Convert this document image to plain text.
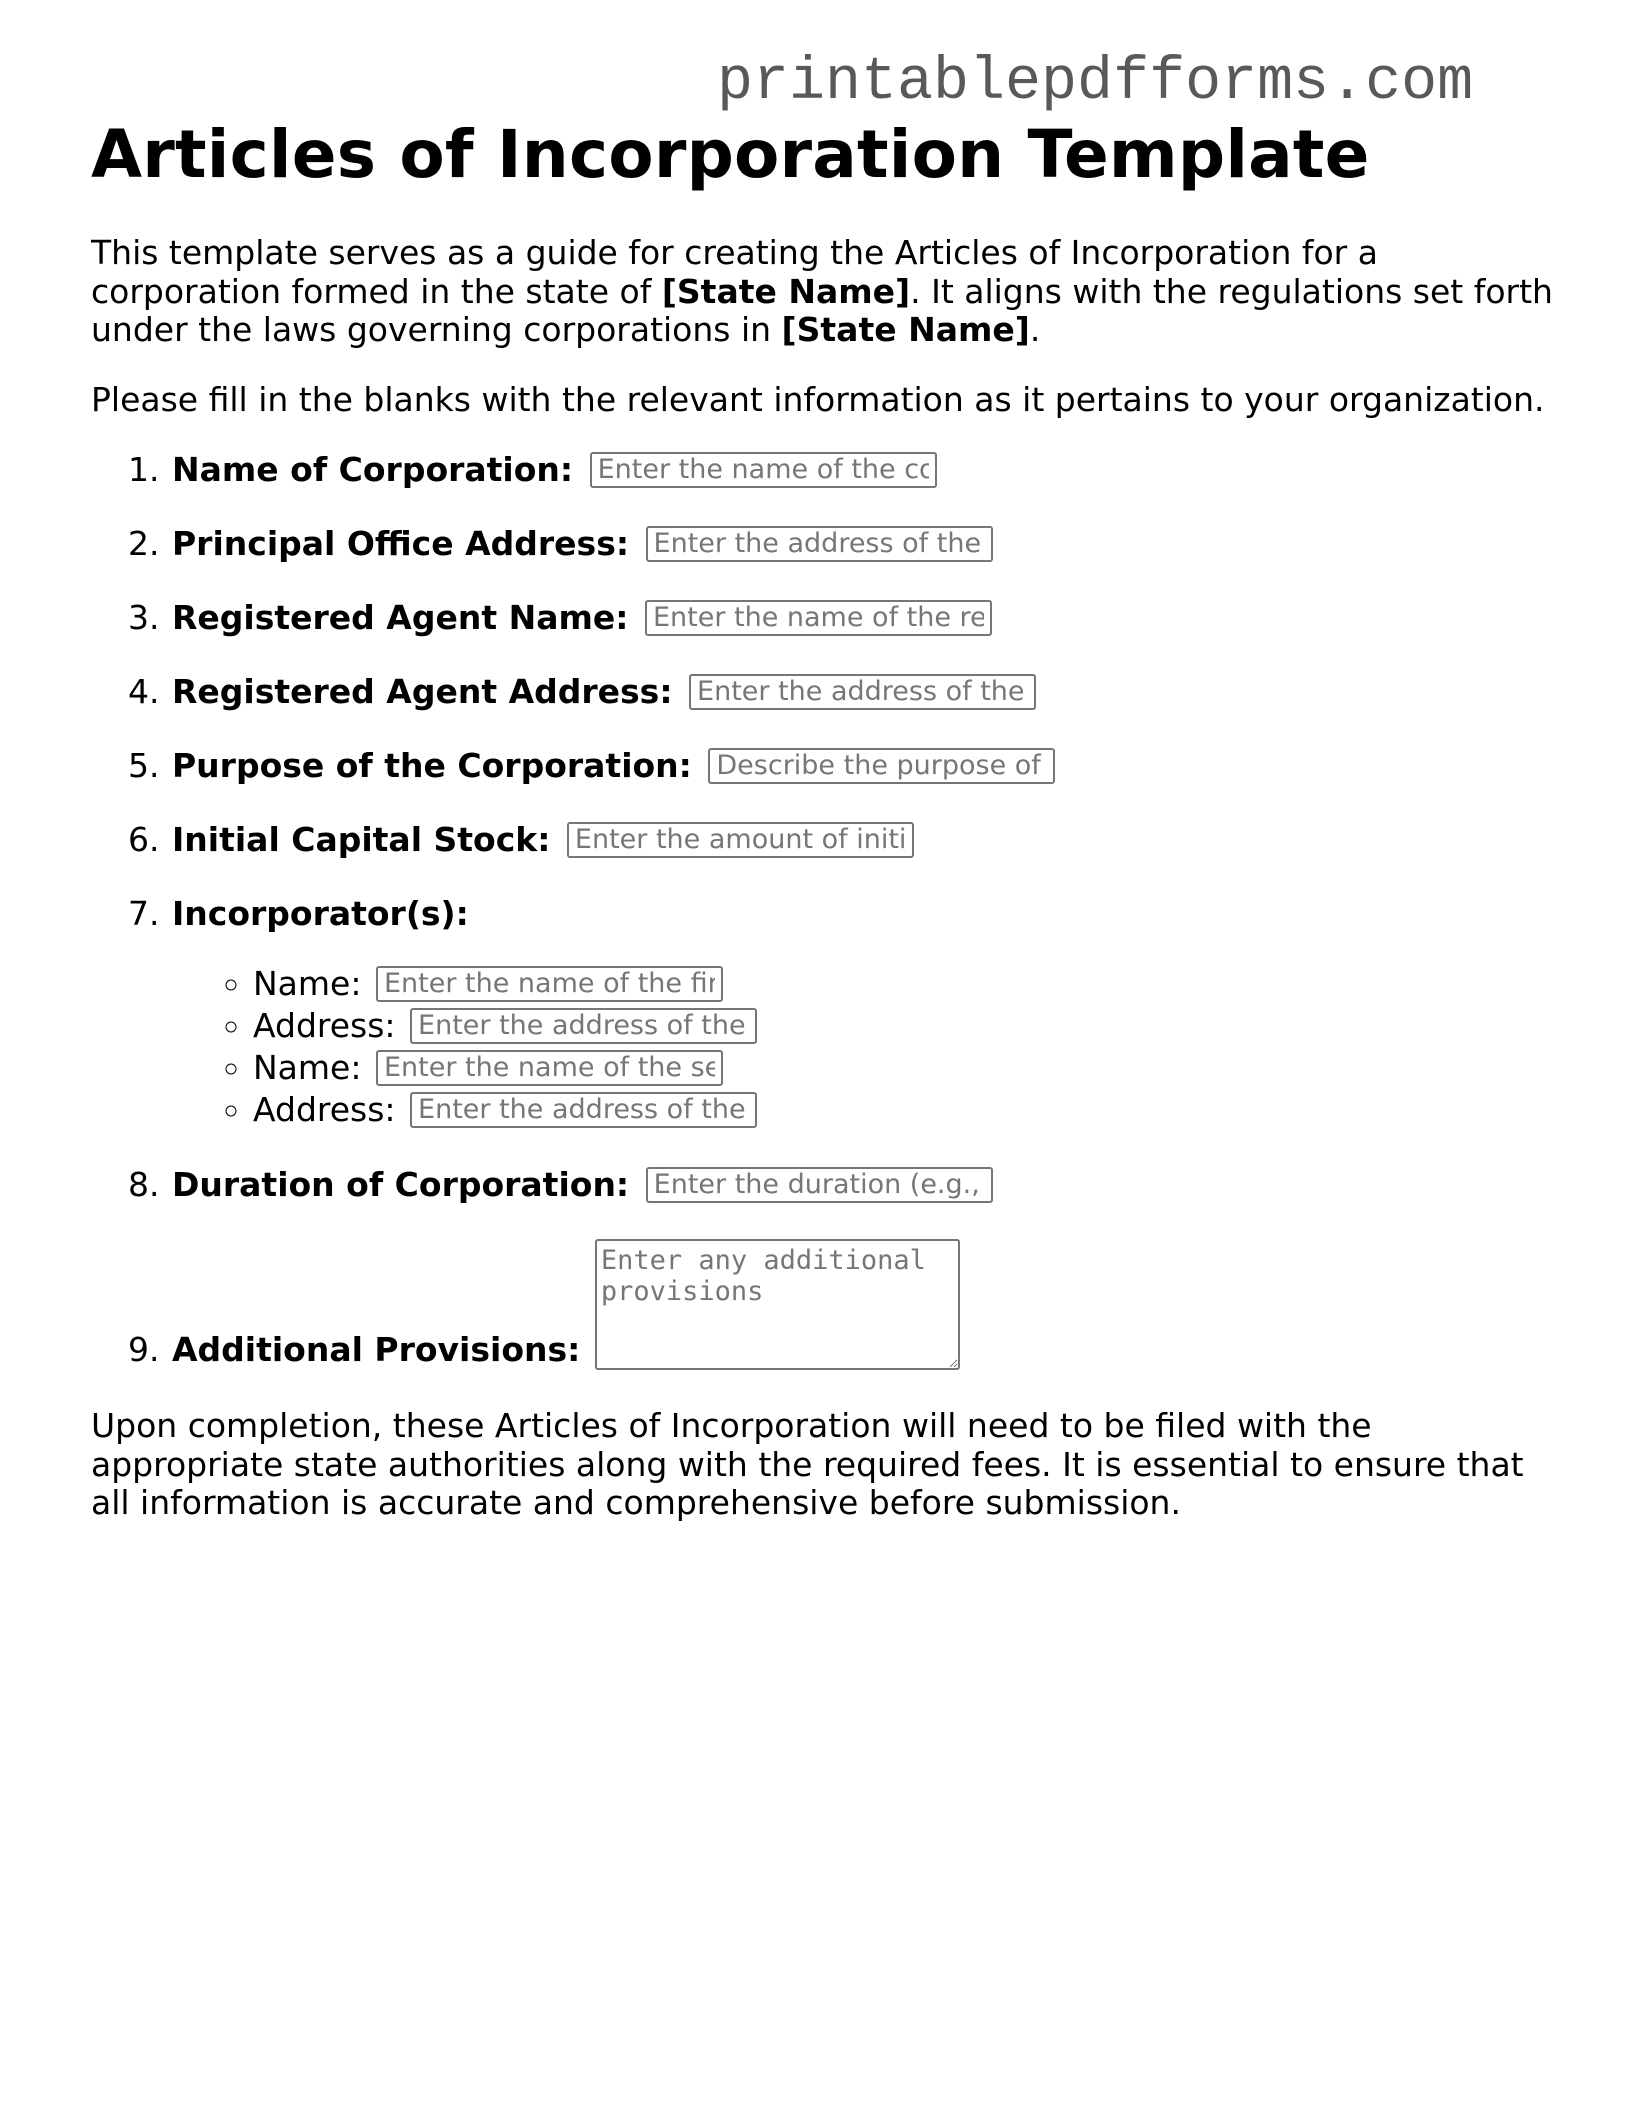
printablepdfforms.com
Articles of Incorporation Template

This template serves as a guide for creating the Articles of Incorporation for a corporation formed in the state of [State Name]. It aligns with the regulations set forth under the laws governing corporations in [State Name].

Please fill in the blanks with the relevant information as it pertains to your organization.

1. Name of Corporation: Enter the name of the corporation
2. Principal Office Address: Enter the address of the principal office
3. Registered Agent Name: Enter the name of the registered agent
4. Registered Agent Address: Enter the address of the registered agent
5. Purpose of the Corporation: Describe the purpose of the corporation
6. Initial Capital Stock: Enter the amount of initial capital stock
7. Incorporator(s):
◦ Name: Enter the name of the first incorporator
◦ Address: Enter the address of the first incorporator
◦ Name: Enter the name of the second incorporator
◦ Address: Enter the address of the second incorporator
8. Duration of Corporation: Enter the duration (e.g., perpetual)
9. Additional Provisions: Enter any additional provisions

Upon completion, these Articles of Incorporation will need to be filed with the appropriate state authorities along with the required fees. It is essential to ensure that all information is accurate and comprehensive before submission.
